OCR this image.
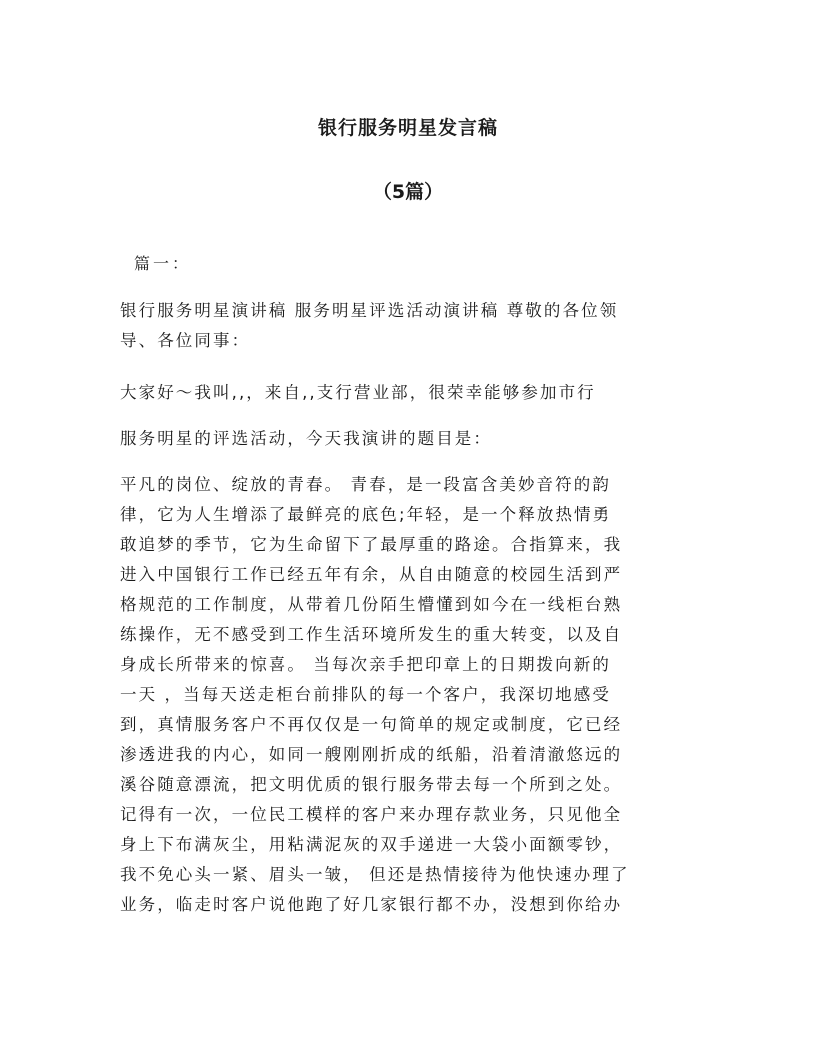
银行服务明星发言稿
（5篇）
篇一：
银行服务明星演讲稿 服务明星评选活动演讲稿 尊敬的各位领
导、各位同事：
大家好～我叫,,，来自,,支行营业部，很荣幸能够参加市行
服务明星的评选活动，今天我演讲的题目是：
平凡的岗位、绽放的青春。 青春，是一段富含美妙音符的韵
律，它为人生增添了最鲜亮的底色;年轻，是一个释放热情勇
敢追梦的季节，它为生命留下了最厚重的路途。合指算来，我
进入中国银行工作已经五年有余，从自由随意的校园生活到严
格规范的工作制度，从带着几份陌生懵懂到如今在一线柜台熟
练操作，无不感受到工作生活环境所发生的重大转变，以及自
身成长所带来的惊喜。 当每次亲手把印章上的日期拨向新的
一天 ，当每天送走柜台前排队的每一个客户，我深切地感受
到，真情服务客户不再仅仅是一句简单的规定或制度，它已经
渗透进我的内心，如同一艘刚刚折成的纸船，沿着清澈悠远的
溪谷随意漂流，把文明优质的银行服务带去每一个所到之处。
记得有一次，一位民工模样的客户来办理存款业务，只见他全
身上下布满灰尘，用粘满泥灰的双手递进一大袋小面额零钞，
我不免心头一紧、眉头一皱， 但还是热情接待为他快速办理了
业务，临走时客户说他跑了好几家银行都不办，没想到你给办
